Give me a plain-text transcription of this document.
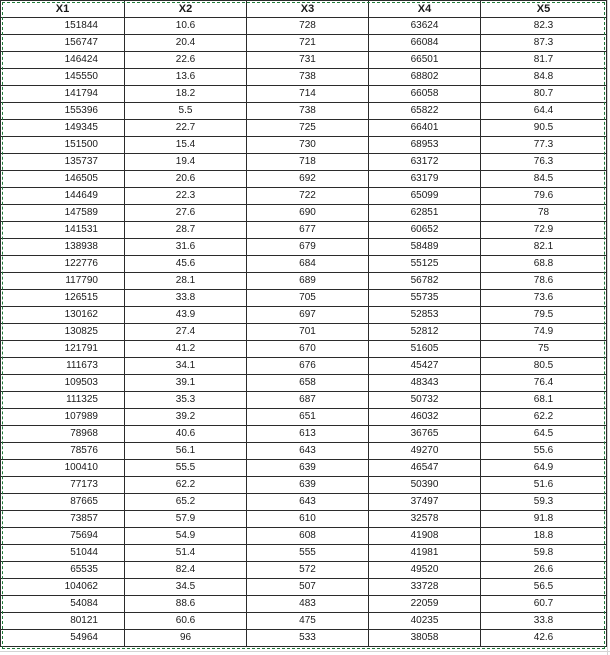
X1	X2	X3	X4	X5
151844	10.6	728	63624	82.3
156747	20.4	721	66084	87.3
146424	22.6	731	66501	81.7
145550	13.6	738	68802	84.8
141794	18.2	714	66058	80.7
155396	5.5	738	65822	64.4
149345	22.7	725	66401	90.5
151500	15.4	730	68953	77.3
135737	19.4	718	63172	76.3
146505	20.6	692	63179	84.5
144649	22.3	722	65099	79.6
147589	27.6	690	62851	78
141531	28.7	677	60652	72.9
138938	31.6	679	58489	82.1
122776	45.6	684	55125	68.8
117790	28.1	689	56782	78.6
126515	33.8	705	55735	73.6
130162	43.9	697	52853	79.5
130825	27.4	701	52812	74.9
121791	41.2	670	51605	75
111673	34.1	676	45427	80.5
109503	39.1	658	48343	76.4
111325	35.3	687	50732	68.1
107989	39.2	651	46032	62.2
78968	40.6	613	36765	64.5
78576	56.1	643	49270	55.6
100410	55.5	639	46547	64.9
77173	62.2	639	50390	51.6
87665	65.2	643	37497	59.3
73857	57.9	610	32578	91.8
75694	54.9	608	41908	18.8
51044	51.4	555	41981	59.8
65535	82.4	572	49520	26.6
104062	34.5	507	33728	56.5
54084	88.6	483	22059	60.7
80121	60.6	475	40235	33.8
54964	96	533	38058	42.6
